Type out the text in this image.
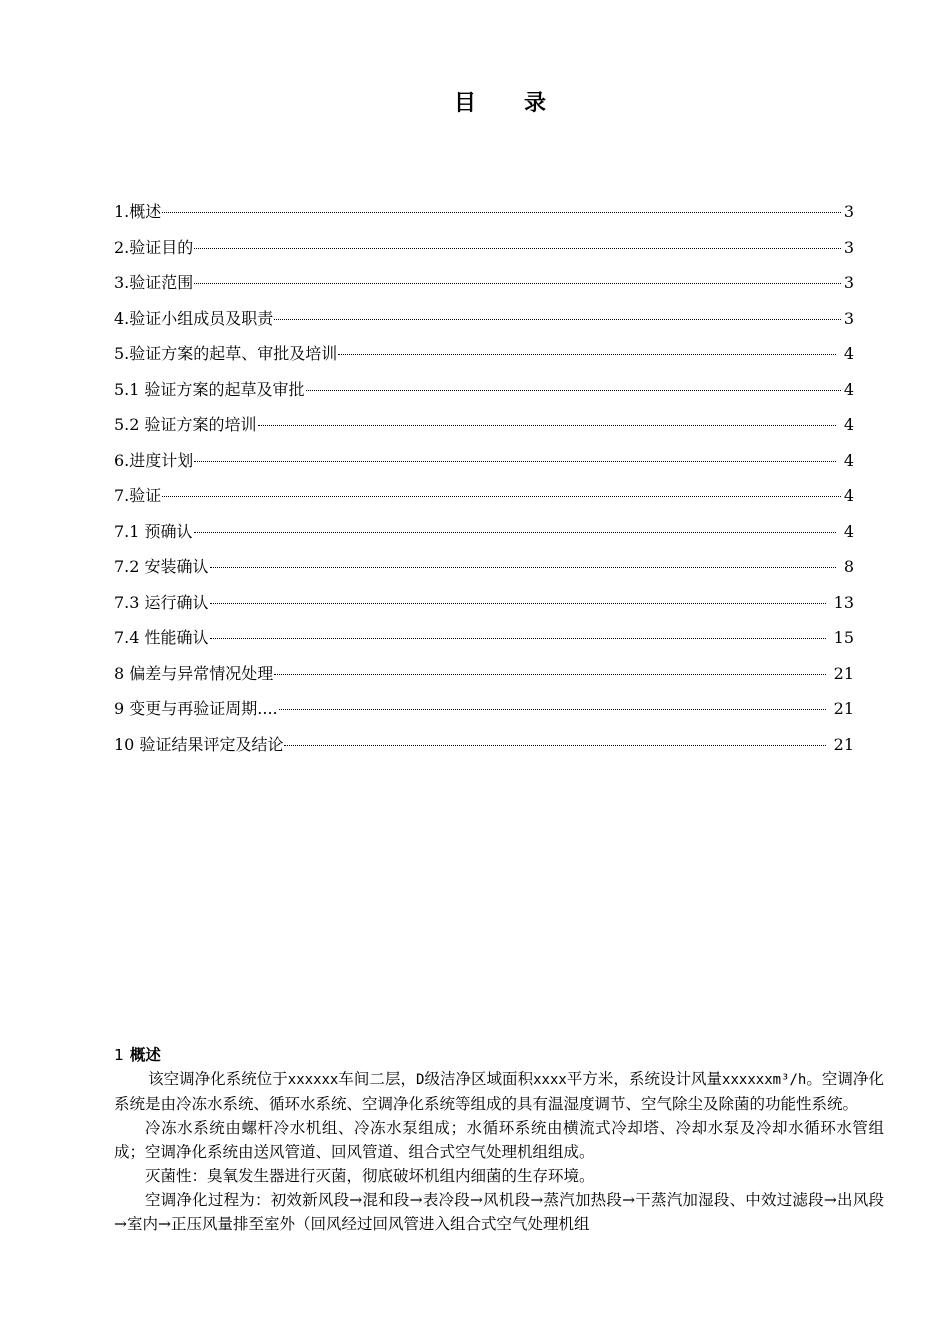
目 录
1.概述	3
2.验证目的	3
3.验证范围	3
4.验证小组成员及职责	3
5.验证方案的起草、审批及培训	4
5.1 验证方案的起草及审批	4
5.2 验证方案的培训	4
6.进度计划	4
7.验证	4
7.1 预确认	4
7.2 安装确认	8
7.3 运行确认	13
7.4 性能确认	15
8 偏差与异常情况处理	21
9 变更与再验证周期....	21
10 验证结果评定及结论	21

1 概述

该空调净化系统位于xxxxxx车间二层，D级洁净区域面积xxxx平方米，系统设计风量xxxxxxm³/h。空调净化系统是由冷冻水系统、循环水系统、空调净化系统等组成的具有温湿度调节、空气除尘及除菌的功能性系统。

冷冻水系统由螺杆冷水机组、冷冻水泵组成；水循环系统由横流式冷却塔、冷却水泵及冷却水循环水管组成；空调净化系统由送风管道、回风管道、组合式空气处理机组组成。

灭菌性：臭氧发生器进行灭菌，彻底破坏机组内细菌的生存环境。

空调净化过程为：初效新风段→混和段→表冷段→风机段→蒸汽加热段→干蒸汽加湿段、中效过滤段→出风段→室内→正压风量排至室外（回风经过回风管进入组合式空气处理机组
